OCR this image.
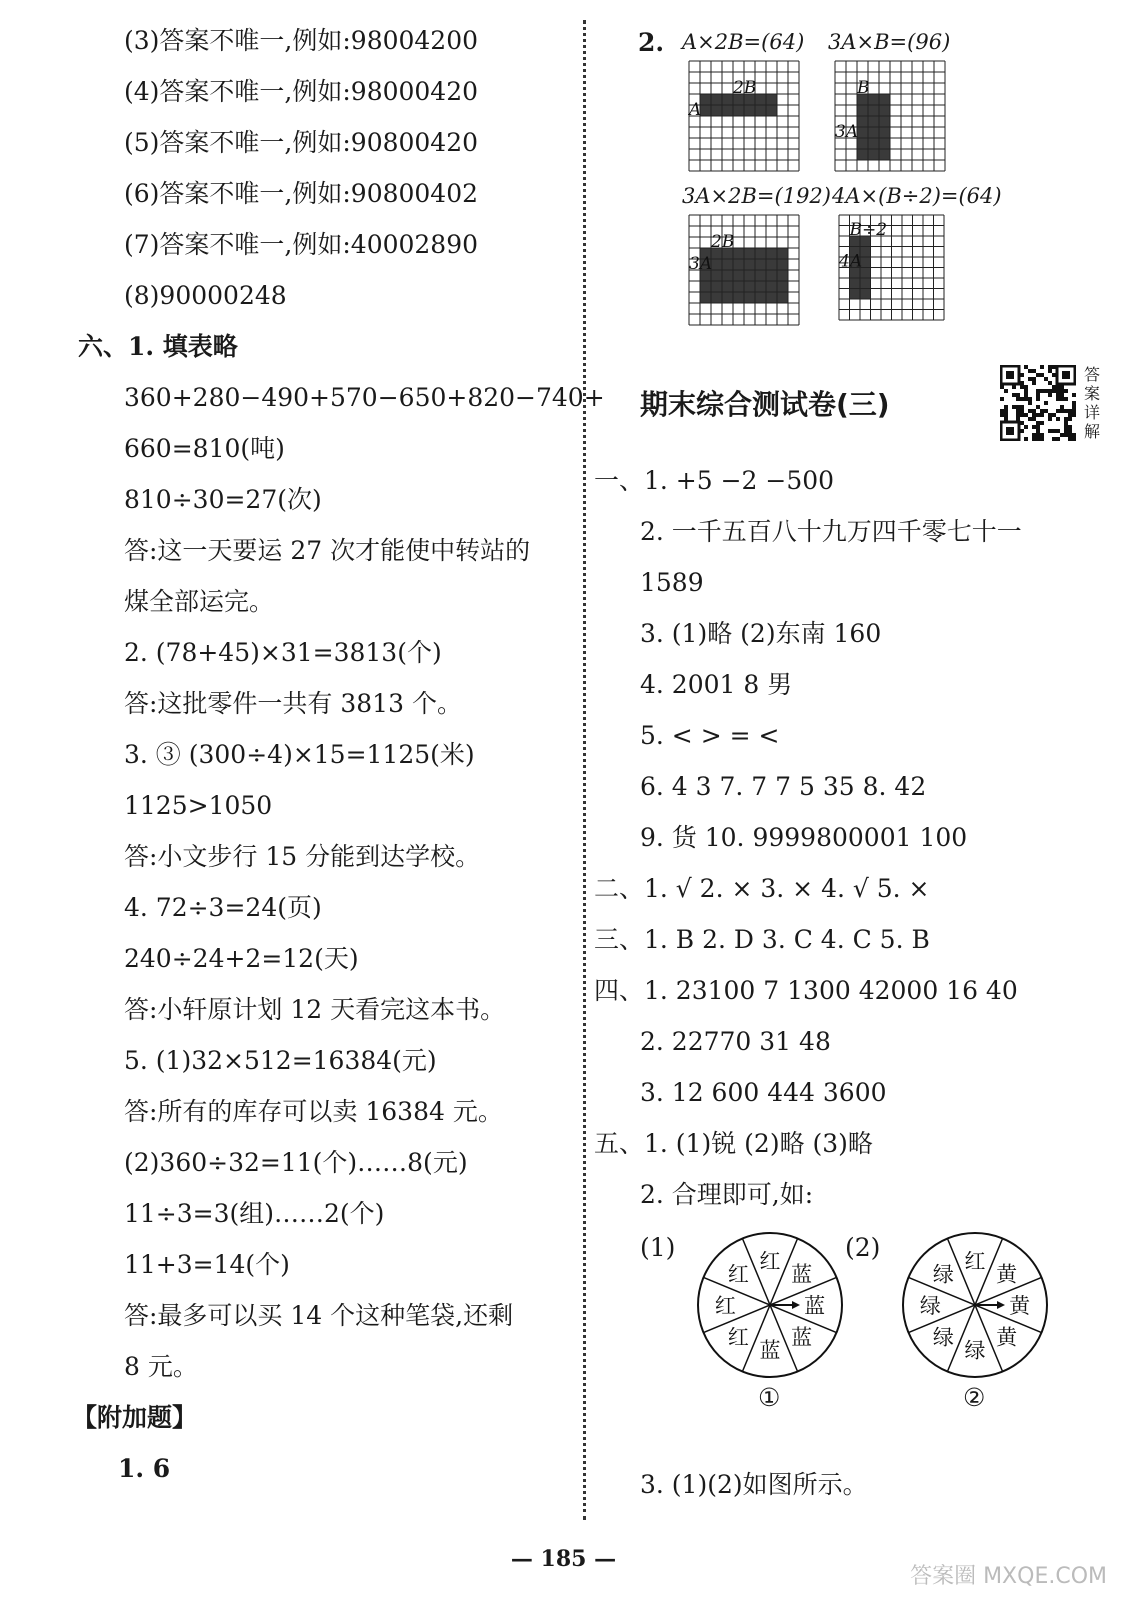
(3)答案不唯一,例如:98004200
(4)答案不唯一,例如:98000420
(5)答案不唯一,例如:90800420
(6)答案不唯一,例如:90800402
(7)答案不唯一,例如:40002890
(8)90000248
六、1. 填表略
360+280−490+570−650+820−740+
660=810(吨)
810÷30=27(次)
答:这一天要运 27 次才能使中转站的
煤全部运完。
2. (78+45)×31=3813(个)
答:这批零件一共有 3813 个。
3. ③ (300÷4)×15=1125(米)
1125>1050
答:小文步行 15 分能到达学校。
4. 72÷3=24(页)
240÷24+2=12(天)
答:小轩原计划 12 天看完这本书。
5. (1)32×512=16384(元)
答:所有的库存可以卖 16384 元。
(2)360÷32=11(个)……8(元)
11÷3=3(组)……2(个)
11+3=14(个)
答:最多可以买 14 个这种笔袋,还剩
8 元。
【附加题】
1. 6
2. A×2B=(64)
2B
A
3A×B=(96)
B
3A
3A×2B=(192)
2B
3A
4A×(B÷2)=(64)
B÷2
4A
期末综合测试卷(三)
答案详解
一、1. +5 −2 −500
2. 一千五百八十九万四千零七十一
1589
3. (1)略 (2)东南 160
4. 2001 8 男
5. < > = <
6. 4 3 7. 7 7 5 35 8. 42
9. 货 10. 9999800001 100
二、1. √ 2. × 3. × 4. √ 5. ×
三、1. B 2. D 3. C 4. C 5. B
四、1. 23100 7 1300 42000 16 40
2. 22770 31 48
3. 12 600 444 3600
五、1. (1)锐 (2)略 (3)略
2. 合理即可,如:
3. (1)(2)如图所示。
(1)
蓝
蓝
蓝
蓝
红
红
红
红
①
(2)
黄
黄
黄
绿
绿
绿
绿
红
②
— 185 —
答案圈 MXQE.COM
